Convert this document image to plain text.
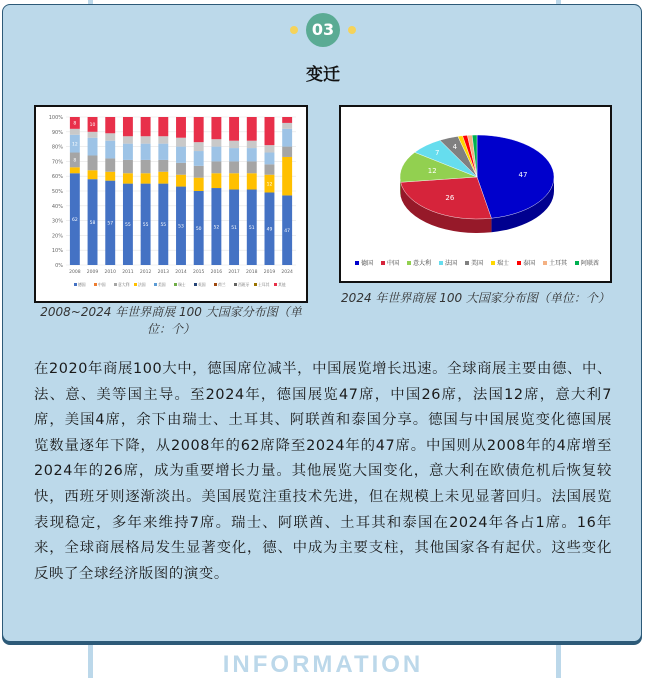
03
变迁
0%
10%
20%
30%
40%
50%
60%
70%
80%
90%
100%
62
8
12
8
2008
58
10
2009
57
2010
55
2011
55
2012
55
2013
53
2014
50
2015
52
2016
51
2017
51
2018
49
12
2019
47
2024
德国	中国	意大利 法国	美国	瑞士	英国	荷兰	西班牙 土耳其 其他
2008~2024 年世界商展 100 大国家分布图（单位：个）
47
26
12
7
4
德国 中国 意大利 法国 美国 瑞士 泰国 土耳其 阿联酋
2024 年世界商展 100 大国家分布图（单位：个）
在2020年商展100大中，德国席位减半，中国展览增长迅速。全球商展主要由德、中、法、意、美等国主导。至2024年，德国展览47席，中国26席，法国12席，意大利7席，美国4席，余下由瑞士、土耳其、阿联酋和泰国分享。德国与中国展览变化德国展览数量逐年下降，从2008年的62席降至2024年的47席。中国则从2008年的4席增至2024年的26席，成为重要增长力量。其他展览大国变化，意大利在欧债危机后恢复较快，西班牙则逐渐淡出。美国展览注重技术先进，但在规模上未见显著回归。法国展览表现稳定，多年来维持7席。瑞士、阿联酋、土耳其和泰国在2024年各占1席。16年来，全球商展格局发生显著变化，德、中成为主要支柱，其他国家各有起伏。这些变化反映了全球经济版图的演变。
INFORMATION
